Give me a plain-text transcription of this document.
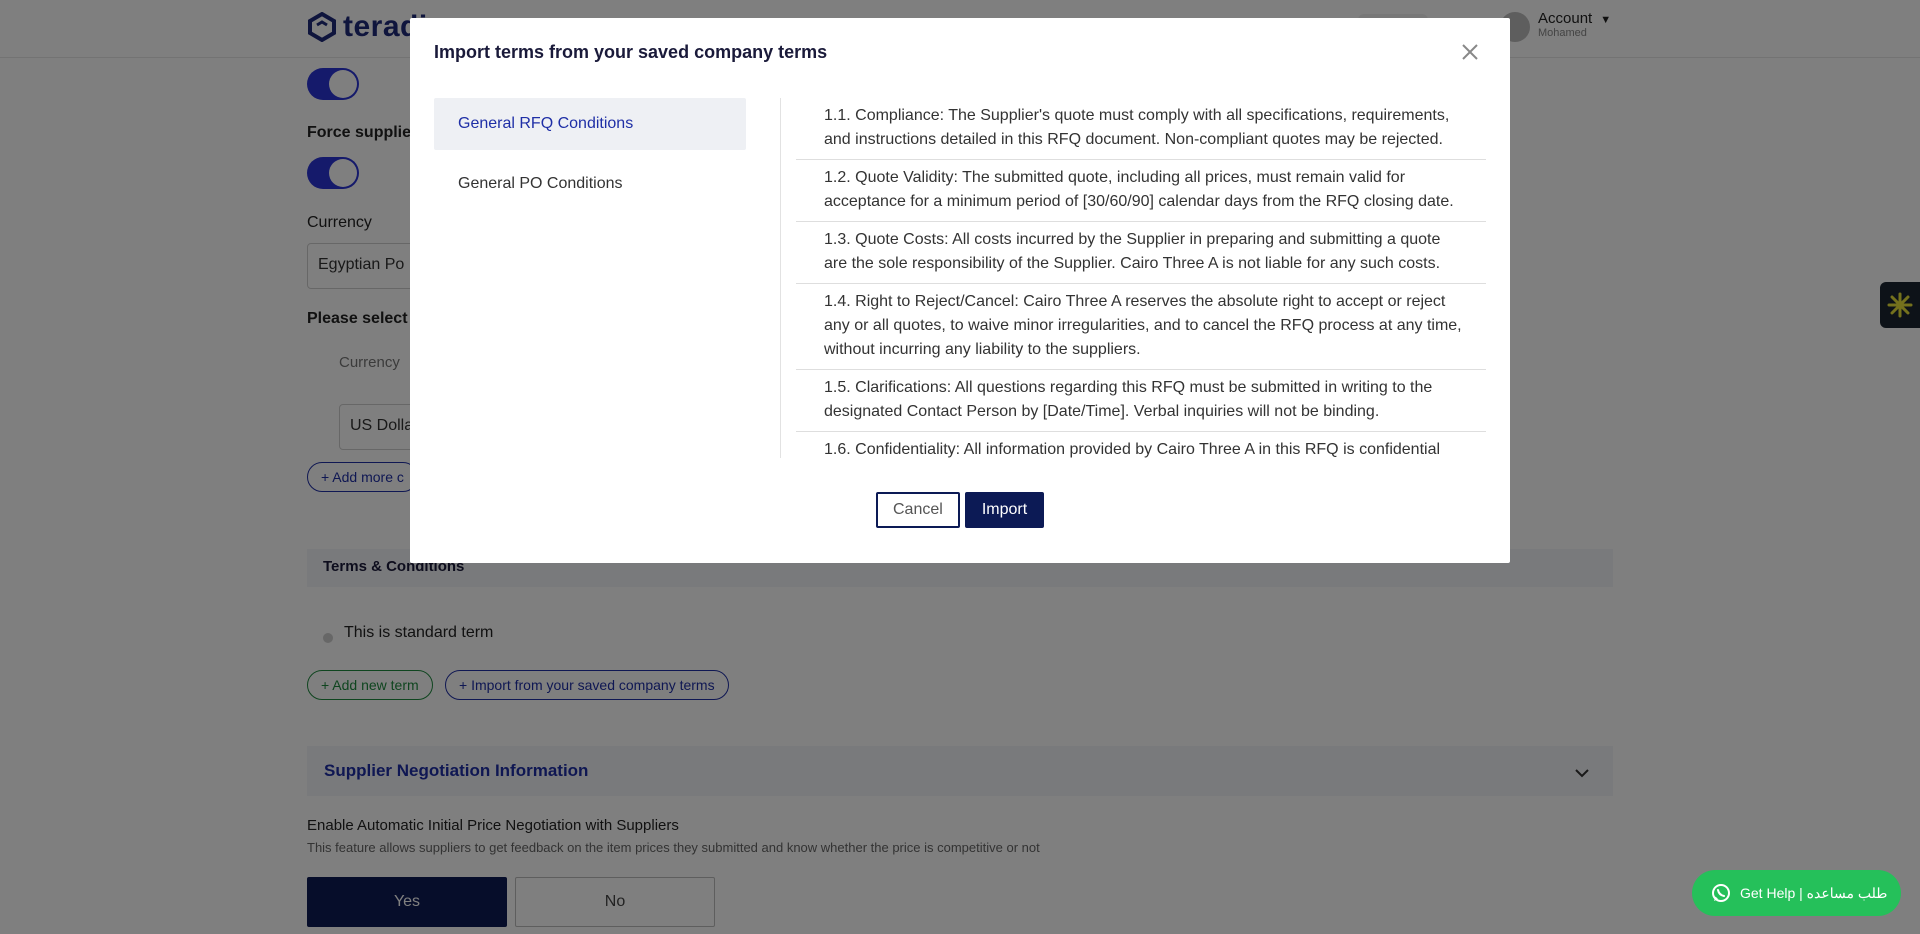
Import terms from your saved company terms
General RFQ Conditions
General PO Conditions
1.1. Compliance: The Supplier's quote must comply with all specifications, requirements, and instructions detailed in this RFQ document. Non-compliant quotes may be rejected.
1.2. Quote Validity: The submitted quote, including all prices, must remain valid for acceptance for a minimum period of [30/60/90] calendar days from the RFQ closing date.
1.3. Quote Costs: All costs incurred by the Supplier in preparing and submitting a quote are the sole responsibility of the Supplier. Cairo Three A is not liable for any such costs.
1.4. Right to Reject/Cancel: Cairo Three A reserves the absolute right to accept or reject any or all quotes, to waive minor irregularities, and to cancel the RFQ process at any time, without incurring any liability to the suppliers.
1.5. Clarifications: All questions regarding this RFQ must be submitted in writing to the designated Contact Person by [Date/Time]. Verbal inquiries will not be binding.
1.6. Confidentiality: All information provided by Cairo Three A in this RFQ is confidential
Cancel	Import
Get Help | طلب مساعده
